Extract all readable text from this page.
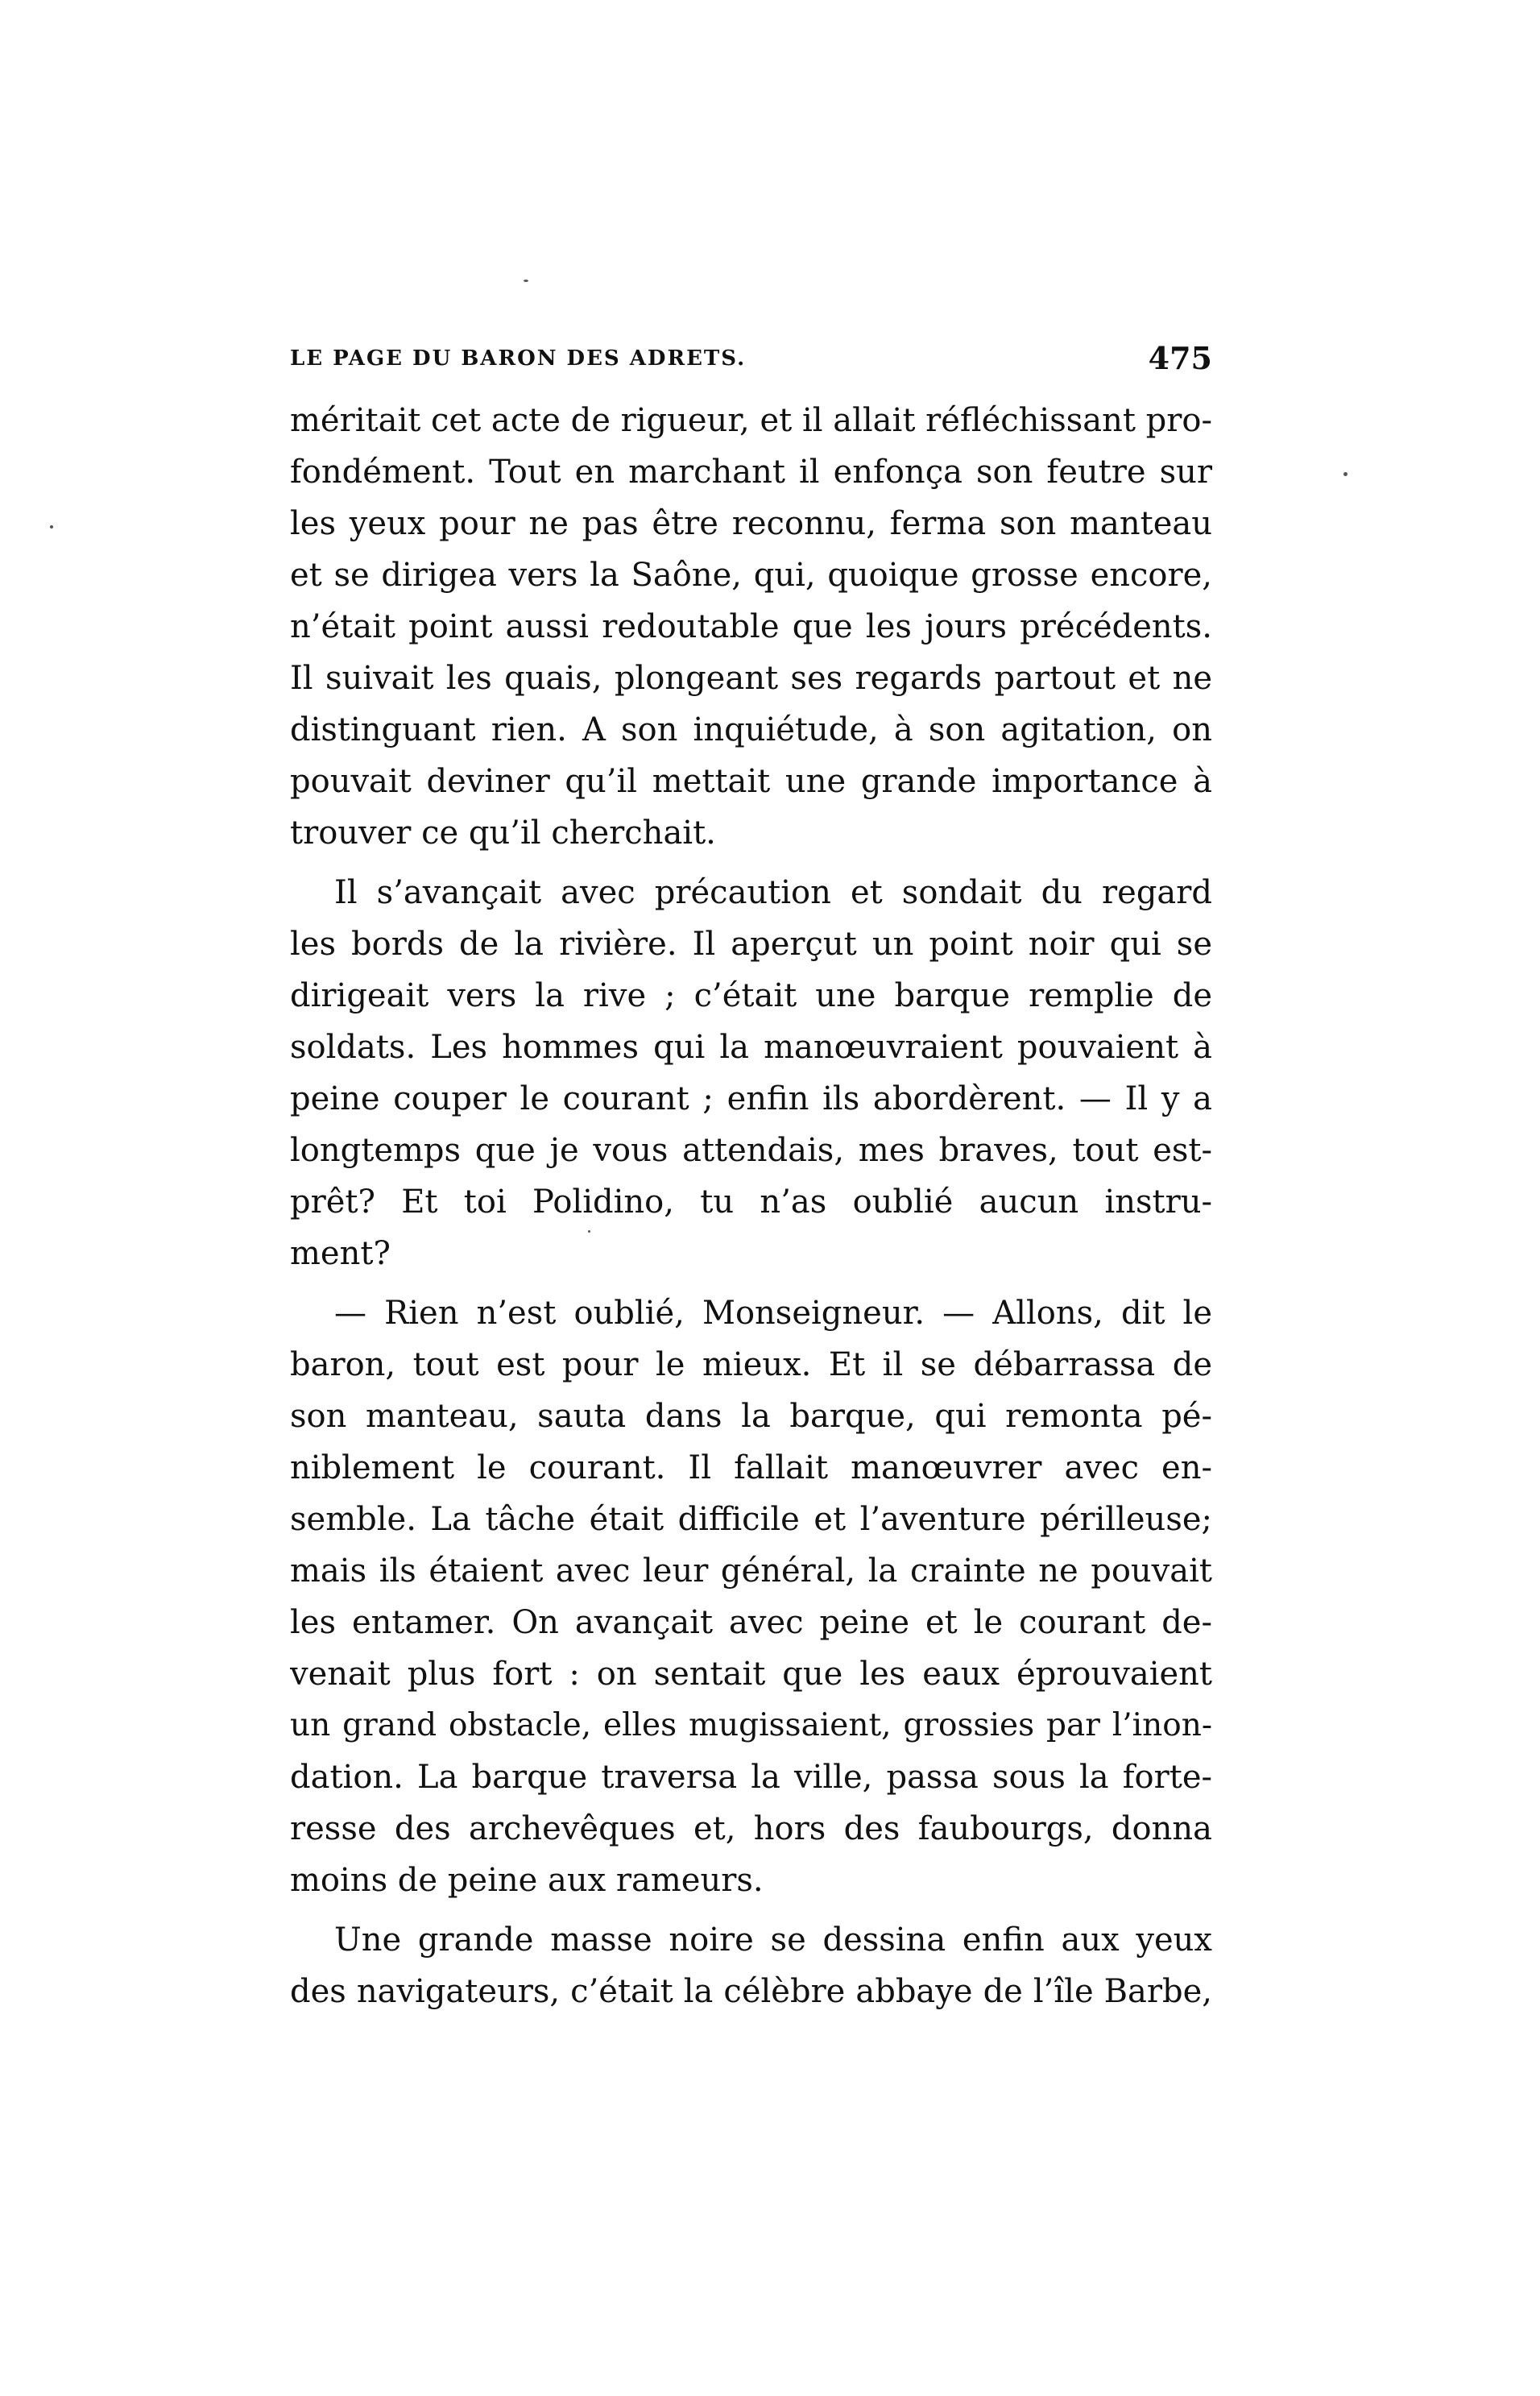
LE PAGE DU BARON DES ADRETS.	475
méritait cet acte de rigueur, et il allait réfléchissant pro-
fondément. Tout en marchant il enfonça son feutre sur
les yeux pour ne pas être reconnu, ferma son manteau
et se dirigea vers la Saône, qui, quoique grosse encore,
n’était point aussi redoutable que les jours précédents.
Il suivait les quais, plongeant ses regards partout et ne
distinguant rien. A son inquiétude, à son agitation, on
pouvait deviner qu’il mettait une grande importance à
trouver ce qu’il cherchait.
Il s’avançait avec précaution et sondait du regard
les bords de la rivière. Il aperçut un point noir qui se
dirigeait vers la rive ; c’était une barque remplie de
soldats. Les hommes qui la manœuvraient pouvaient à
peine couper le courant ; enfin ils abordèrent. — Il y a
longtemps que je vous attendais, mes braves, tout est-
prêt? Et toi Polidino, tu n’as oublié aucun instru-
ment?
— Rien n’est oublié, Monseigneur. — Allons, dit le
baron, tout est pour le mieux. Et il se débarrassa de
son manteau, sauta dans la barque, qui remonta pé-
niblement le courant. Il fallait manœuvrer avec en-
semble. La tâche était difficile et l’aventure périlleuse;
mais ils étaient avec leur général, la crainte ne pouvait
les entamer. On avançait avec peine et le courant de-
venait plus fort : on sentait que les eaux éprouvaient
un grand obstacle, elles mugissaient, grossies par l’inon-
dation. La barque traversa la ville, passa sous la forte-
resse des archevêques et, hors des faubourgs, donna
moins de peine aux rameurs.
Une grande masse noire se dessina enfin aux yeux
des navigateurs, c’était la célèbre abbaye de l’île Barbe,
